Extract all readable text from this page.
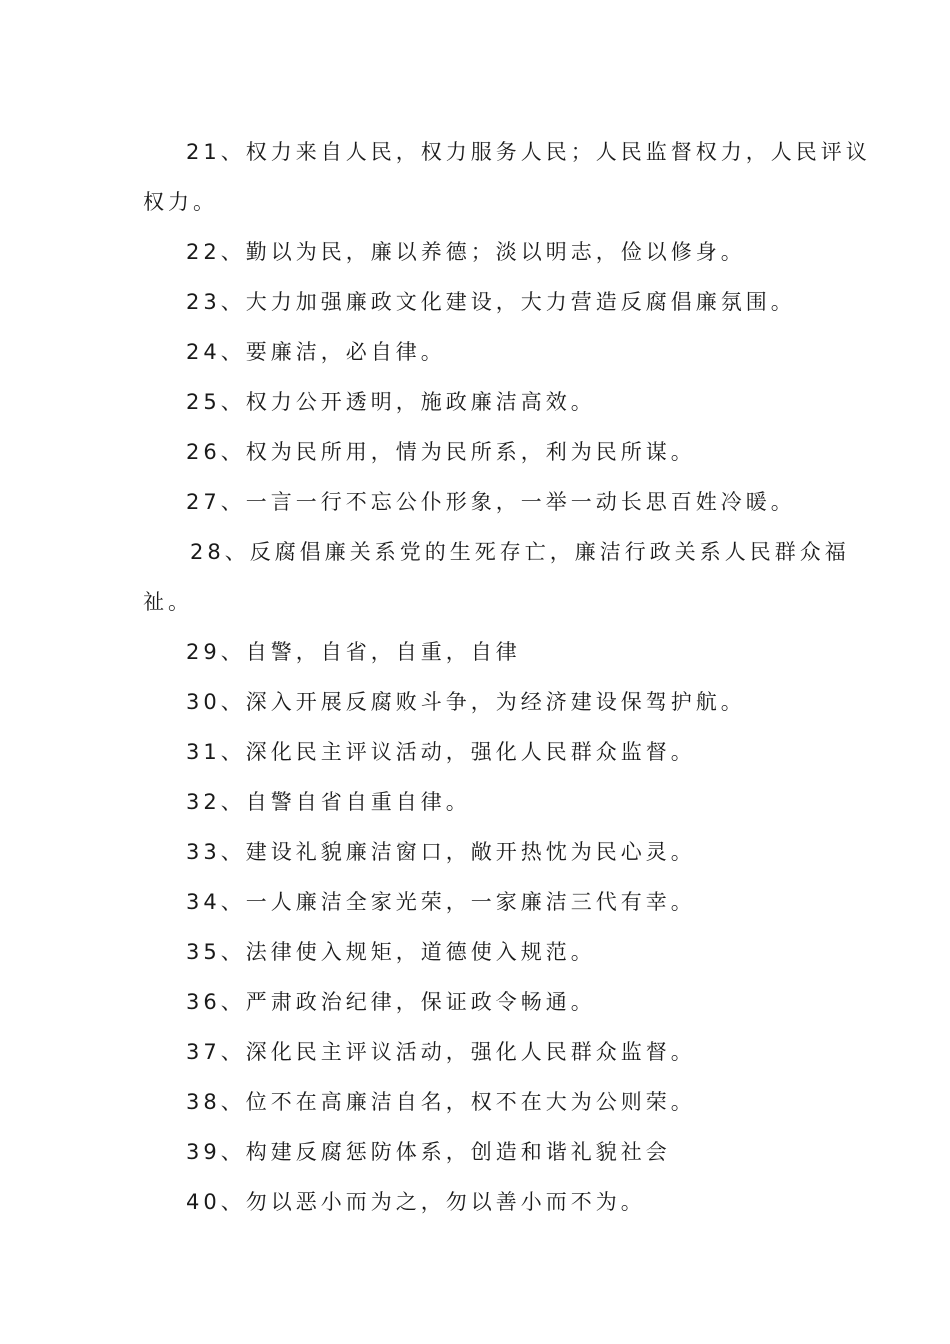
21、权力来自人民，权力服务人民；人民监督权力，人民评议
权力。
22、勤以为民，廉以养德；淡以明志，俭以修身。
23、大力加强廉政文化建设，大力营造反腐倡廉氛围。
24、要廉洁，必自律。
25、权力公开透明，施政廉洁高效。
26、权为民所用，情为民所系，利为民所谋。
27、一言一行不忘公仆形象，一举一动长思百姓冷暖。
28、反腐倡廉关系党的生死存亡，廉洁行政关系人民群众福
祉。
29、自警，自省，自重，自律
30、深入开展反腐败斗争，为经济建设保驾护航。
31、深化民主评议活动，强化人民群众监督。
32、自警自省自重自律。
33、建设礼貌廉洁窗口，敞开热忱为民心灵。
34、一人廉洁全家光荣，一家廉洁三代有幸。
35、法律使入规矩，道德使入规范。
36、严肃政治纪律，保证政令畅通。
37、深化民主评议活动，强化人民群众监督。
38、位不在高廉洁自名，权不在大为公则荣。
39、构建反腐惩防体系，创造和谐礼貌社会
40、勿以恶小而为之，勿以善小而不为。
